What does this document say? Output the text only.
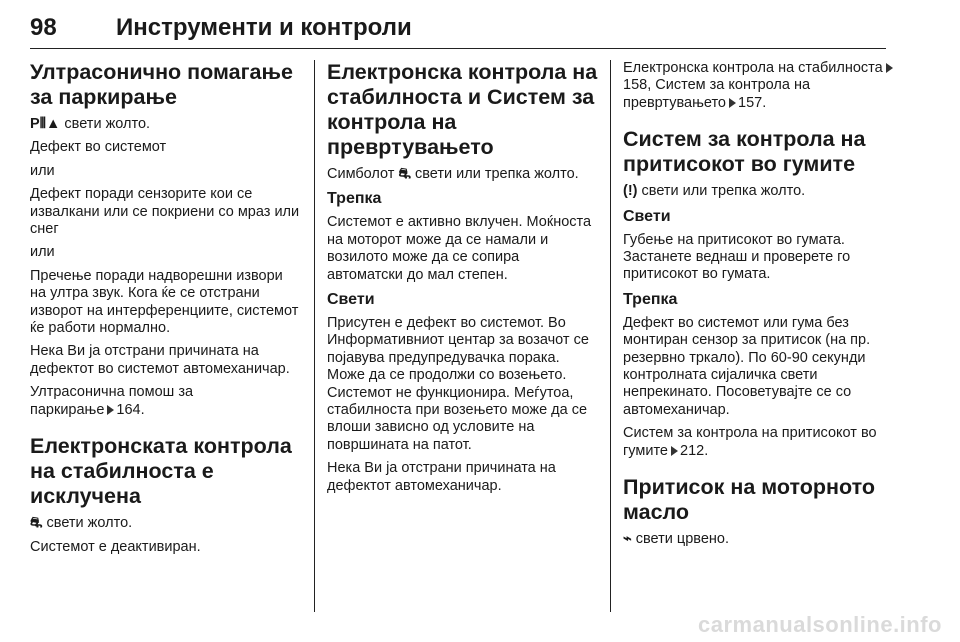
98 Инструменти и контроли
Ултрасонично помагање за паркирање

P⦀▲ свети жолто.

Дефект во системот

или

Дефект поради сензорите кои се извалкани или се покриени со мраз или снег

или

Пречење поради надворешни извори на ултра звук. Кога ќе се отстрани изворот на интерференциите, системот ќе работи нормално.

Нека Ви ја отстрани причината на дефектот во системот автомеханичар.

Ултрасонична помош за
паркирање 164.

Електронската контрола на стабилноста е исклучена

⛐ свети жолто.

Системот е деактивиран.

Електронска контрола на стабилноста и Систем за контрола на превртувањето

Симболот ⛐ свети или трепка жолто.

Трепка

Системот е активно вклучен. Моќноста на моторот може да се намали и возилото може да се сопира автоматски до мал степен.

Свети

Присутен е дефект во системот. Во Информативниот центар за возачот се појавува предупредувачка порака. Може да се продолжи со возењето. Системот не функционира. Меѓутоа, стабилноста при возењето може да се влоши зависно од условите на површината на патот.

Нека Ви ја отстрани причината на дефектот автомеханичар.

Електронска контрола на стабилноста158, Систем за контрола на превртувањето 157.

Систем за контрола на притисокот во гумите

(!) свети или трепка жолто.

Свети

Губење на притисокот во гумата. Застанете веднаш и проверете го притисокот во гумата.

Трепка

Дефект во системот или гума без монтиран сензор за притисок (на пр. резервно тркало). По 60-90 секунди контролната сијаличка свети непрекинато. Посоветувајте се со автомеханичар.

Систем за контрола на притисокот во гумите 212.

Притисок на моторното масло

⌁ свети црвено.

carmanualsonline.info
